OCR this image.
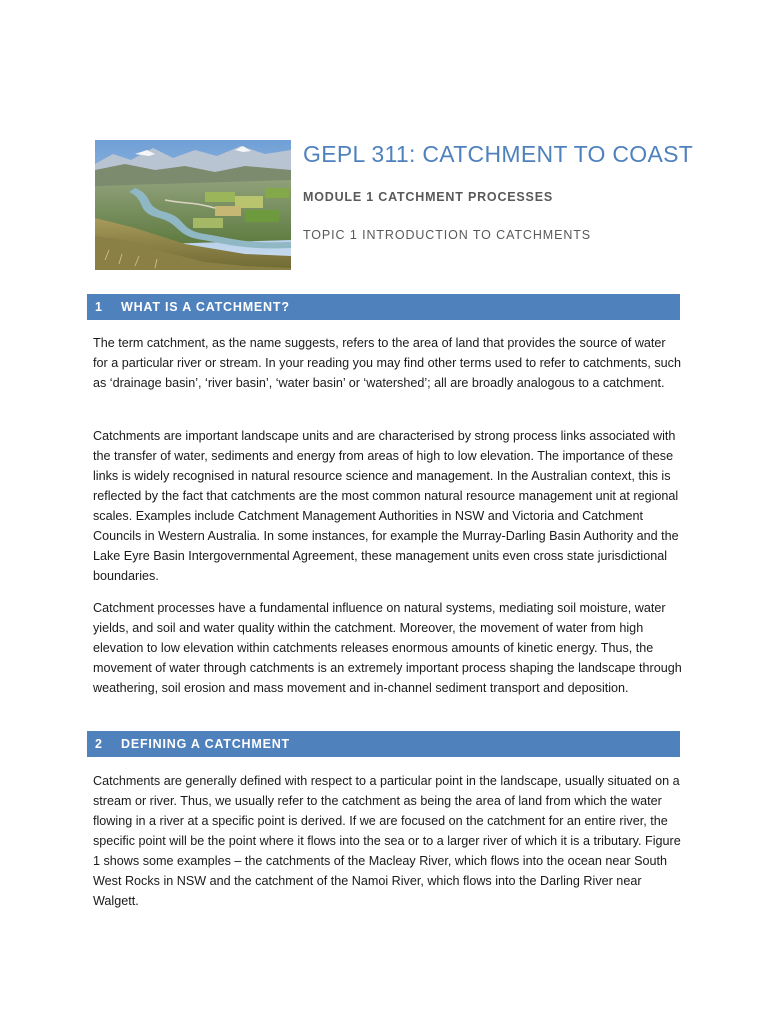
GEPL 311: CATCHMENT TO COAST
MODULE 1 CATCHMENT PROCESSES
TOPIC 1 INTRODUCTION TO CATCHMENTS
1 WHAT IS A CATCHMENT?

The term catchment, as the name suggests, refers to the area of land that provides the source of water for a particular river or stream. In your reading you may find other terms used to refer to catchments, such as ‘drainage basin’, ‘river basin’, ‘water basin’ or ‘watershed’; all are broadly analogous to a catchment.

Catchments are important landscape units and are characterised by strong process links associated with the transfer of water, sediments and energy from areas of high to low elevation. The importance of these links is widely recognised in natural resource science and management. In the Australian context, this is reflected by the fact that catchments are the most common natural resource management unit at regional scales. Examples include Catchment Management Authorities in NSW and Victoria and Catchment Councils in Western Australia. In some instances, for example the Murray-Darling Basin Authority and the Lake Eyre Basin Intergovernmental Agreement, these management units even cross state jurisdictional boundaries.

Catchment processes have a fundamental influence on natural systems, mediating soil moisture, water yields, and soil and water quality within the catchment. Moreover, the movement of water from high elevation to low elevation within catchments releases enormous amounts of kinetic energy. Thus, the movement of water through catchments is an extremely important process shaping the landscape through weathering, soil erosion and mass movement and in-channel sediment transport and deposition.

2 DEFINING A CATCHMENT

Catchments are generally defined with respect to a particular point in the landscape, usually situated on a stream or river. Thus, we usually refer to the catchment as being the area of land from which the water flowing in a river at a specific point is derived. If we are focused on the catchment for an entire river, the specific point will be the point where it flows into the sea or to a larger river of which it is a tributary. Figure 1 shows some examples – the catchments of the Macleay River, which flows into the ocean near South West Rocks in NSW and the catchment of the Namoi River, which flows into the Darling River near Walgett.
